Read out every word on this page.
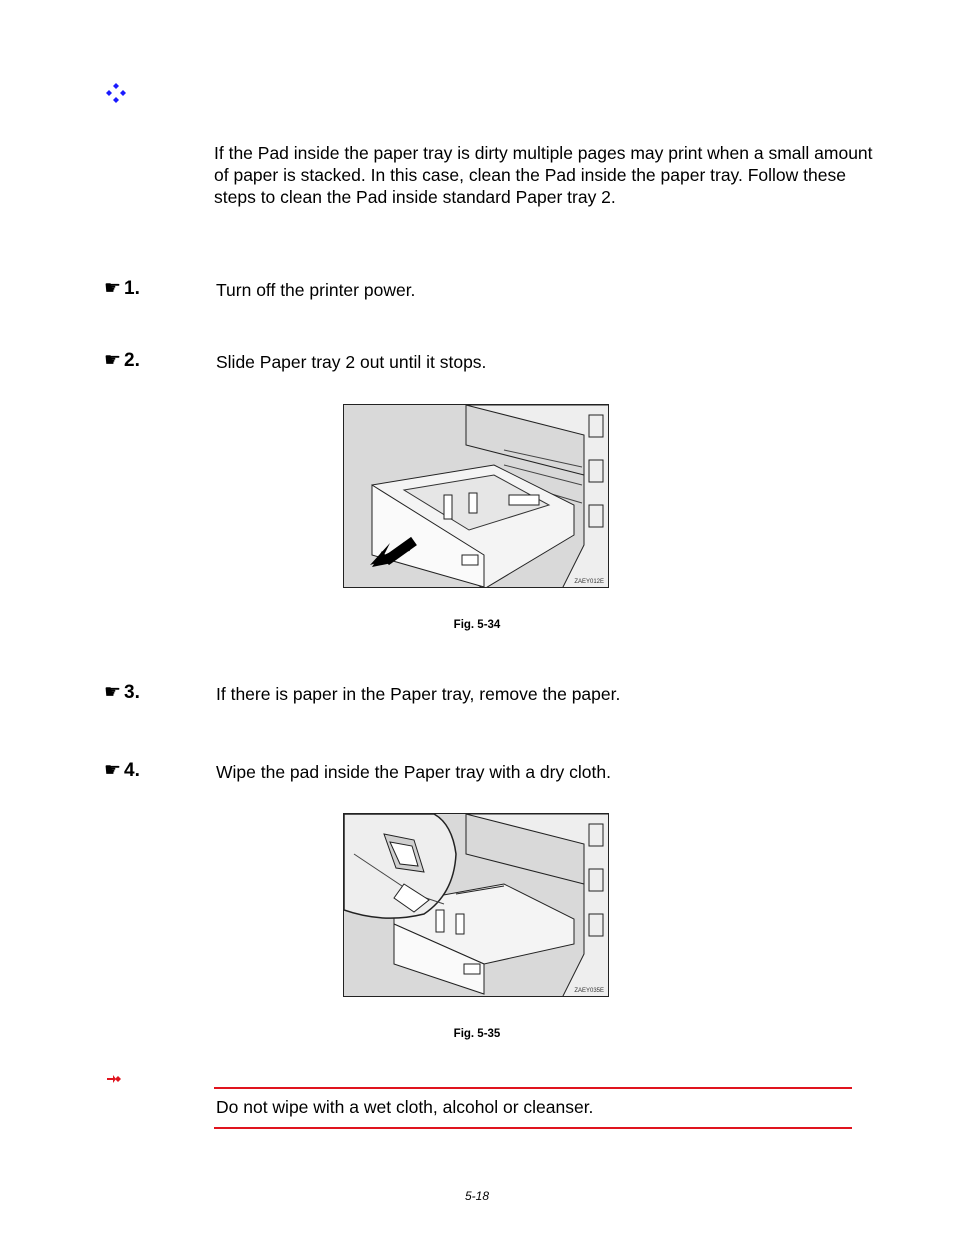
If the Pad inside the paper tray is dirty multiple pages may print when a small amount of paper is stacked. In this case, clean the Pad inside the paper tray. Follow these steps to clean the Pad inside standard Paper tray 2.
☛ 1.	Turn off the printer power.
☛ 2.	Slide Paper tray 2 out until it stops.
ZAEY012E
Fig. 5-34
☛ 3.	If there is paper in the Paper tray, remove the paper.
☛ 4.	Wipe the pad inside the Paper tray with a dry cloth.
ZAEY035E
Fig. 5-35
Do not wipe with a wet cloth, alcohol or cleanser.
5-18
